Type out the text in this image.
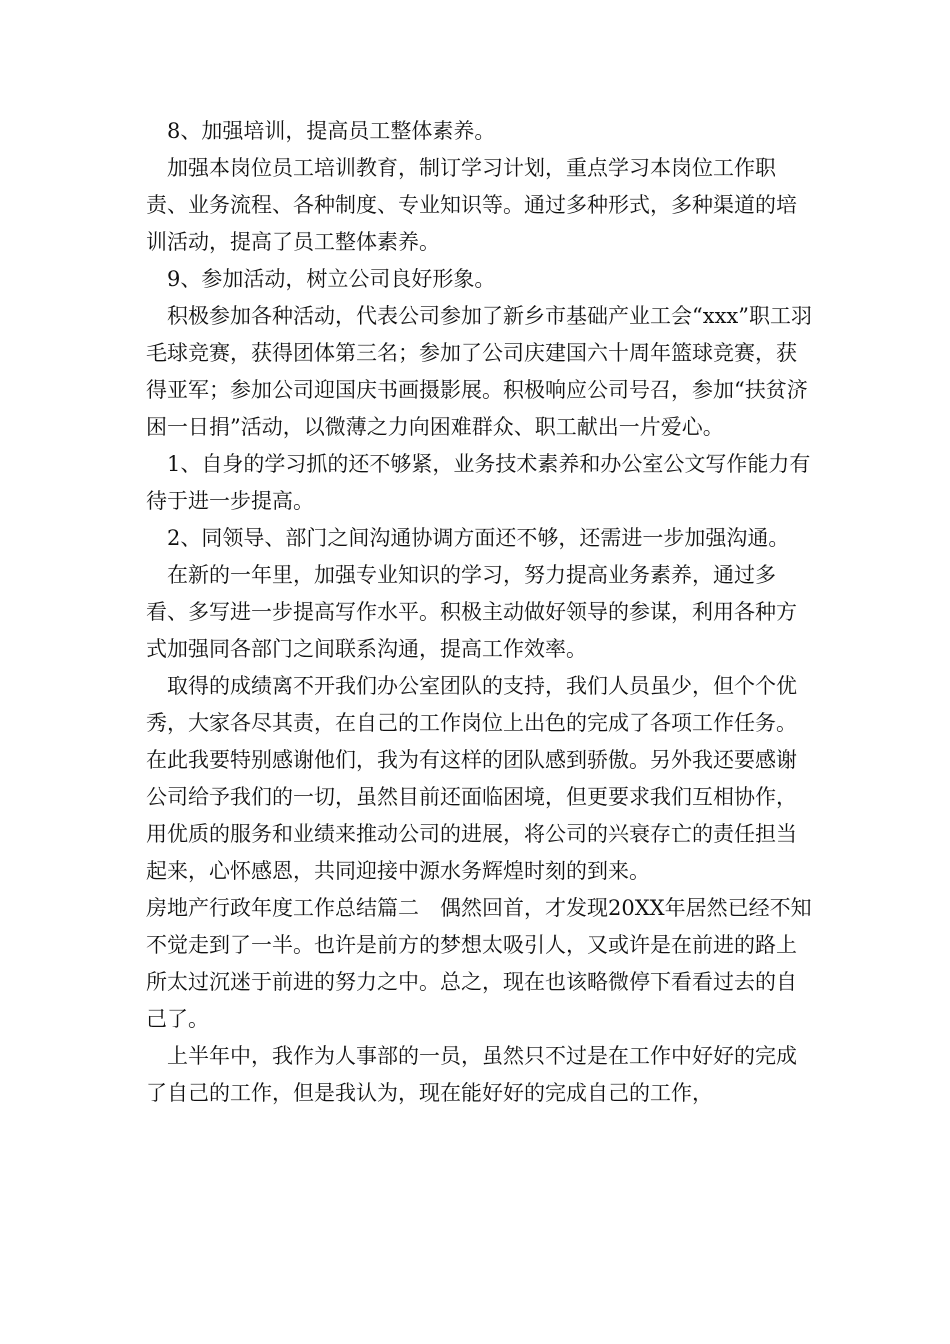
8、加强培训，提高员工整体素养。

加强本岗位员工培训教育，制订学习计划，重点学习本岗位工作职责、业务流程、各种制度、专业知识等。通过多种形式，多种渠道的培训活动，提高了员工整体素养。

9、参加活动，树立公司良好形象。

积极参加各种活动，代表公司参加了新乡市基础产业工会“xxx”职工羽毛球竞赛，获得团体第三名；参加了公司庆建国六十周年篮球竞赛，获得亚军；参加公司迎国庆书画摄影展。积极响应公司号召，参加“扶贫济困一日捐”活动，以微薄之力向困难群众、职工献出一片爱心。

1、自身的学习抓的还不够紧，业务技术素养和办公室公文写作能力有待于进一步提高。

2、同领导、部门之间沟通协调方面还不够，还需进一步加强沟通。

在新的一年里，加强专业知识的学习，努力提高业务素养，通过多看、多写进一步提高写作水平。积极主动做好领导的参谋，利用各种方式加强同各部门之间联系沟通，提高工作效率。

取得的成绩离不开我们办公室团队的支持，我们人员虽少，但个个优秀，大家各尽其责，在自己的工作岗位上出色的完成了各项工作任务。在此我要特别感谢他们，我为有这样的团队感到骄傲。另外我还要感谢公司给予我们的一切，虽然目前还面临困境，但更要求我们互相协作，用优质的服务和业绩来推动公司的进展，将公司的兴衰存亡的责任担当起来，心怀感恩，共同迎接中源水务辉煌时刻的到来。

房地产行政年度工作总结篇二　偶然回首，才发现20XX年居然已经不知不觉走到了一半。也许是前方的梦想太吸引人，又或许是在前进的路上所太过沉迷于前进的努力之中。总之，现在也该略微停下看看过去的自己了。

上半年中，我作为人事部的一员，虽然只不过是在工作中好好的完成了自己的工作，但是我认为，现在能好好的完成自己的工作，
